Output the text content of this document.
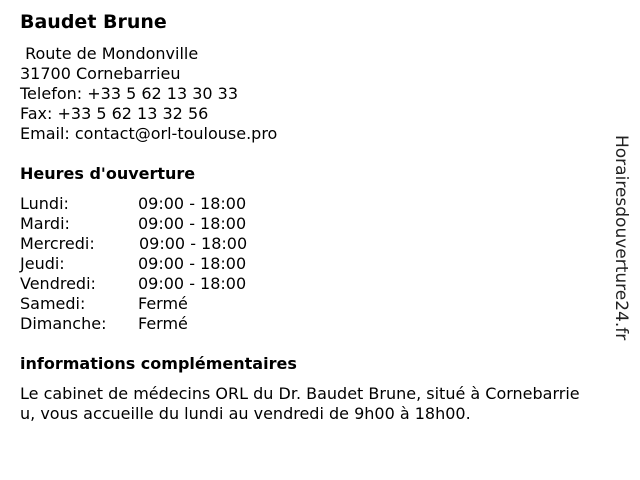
Baudet Brune
Route de Mondonville
31700 Cornebarrieu
Telefon: +33 5 62 13 30 33
Fax: +33 5 62 13 32 56
Email: contact@orl-toulouse.pro
Heures d'ouverture
Lundi:	09:00 - 18:00
Mardi:	09:00 - 18:00
Mercredi:	09:00 - 18:00
Jeudi:	09:00 - 18:00
Vendredi:	09:00 - 18:00
Samedi:	Fermé
Dimanche: Fermé
informations complémentaires
Le cabinet de médecins ORL du Dr. Baudet Brune, situé à Cornebarrieu, vous accueille du lundi au vendredi de 9h00 à 18h00.
Horairesdouverture24.fr
